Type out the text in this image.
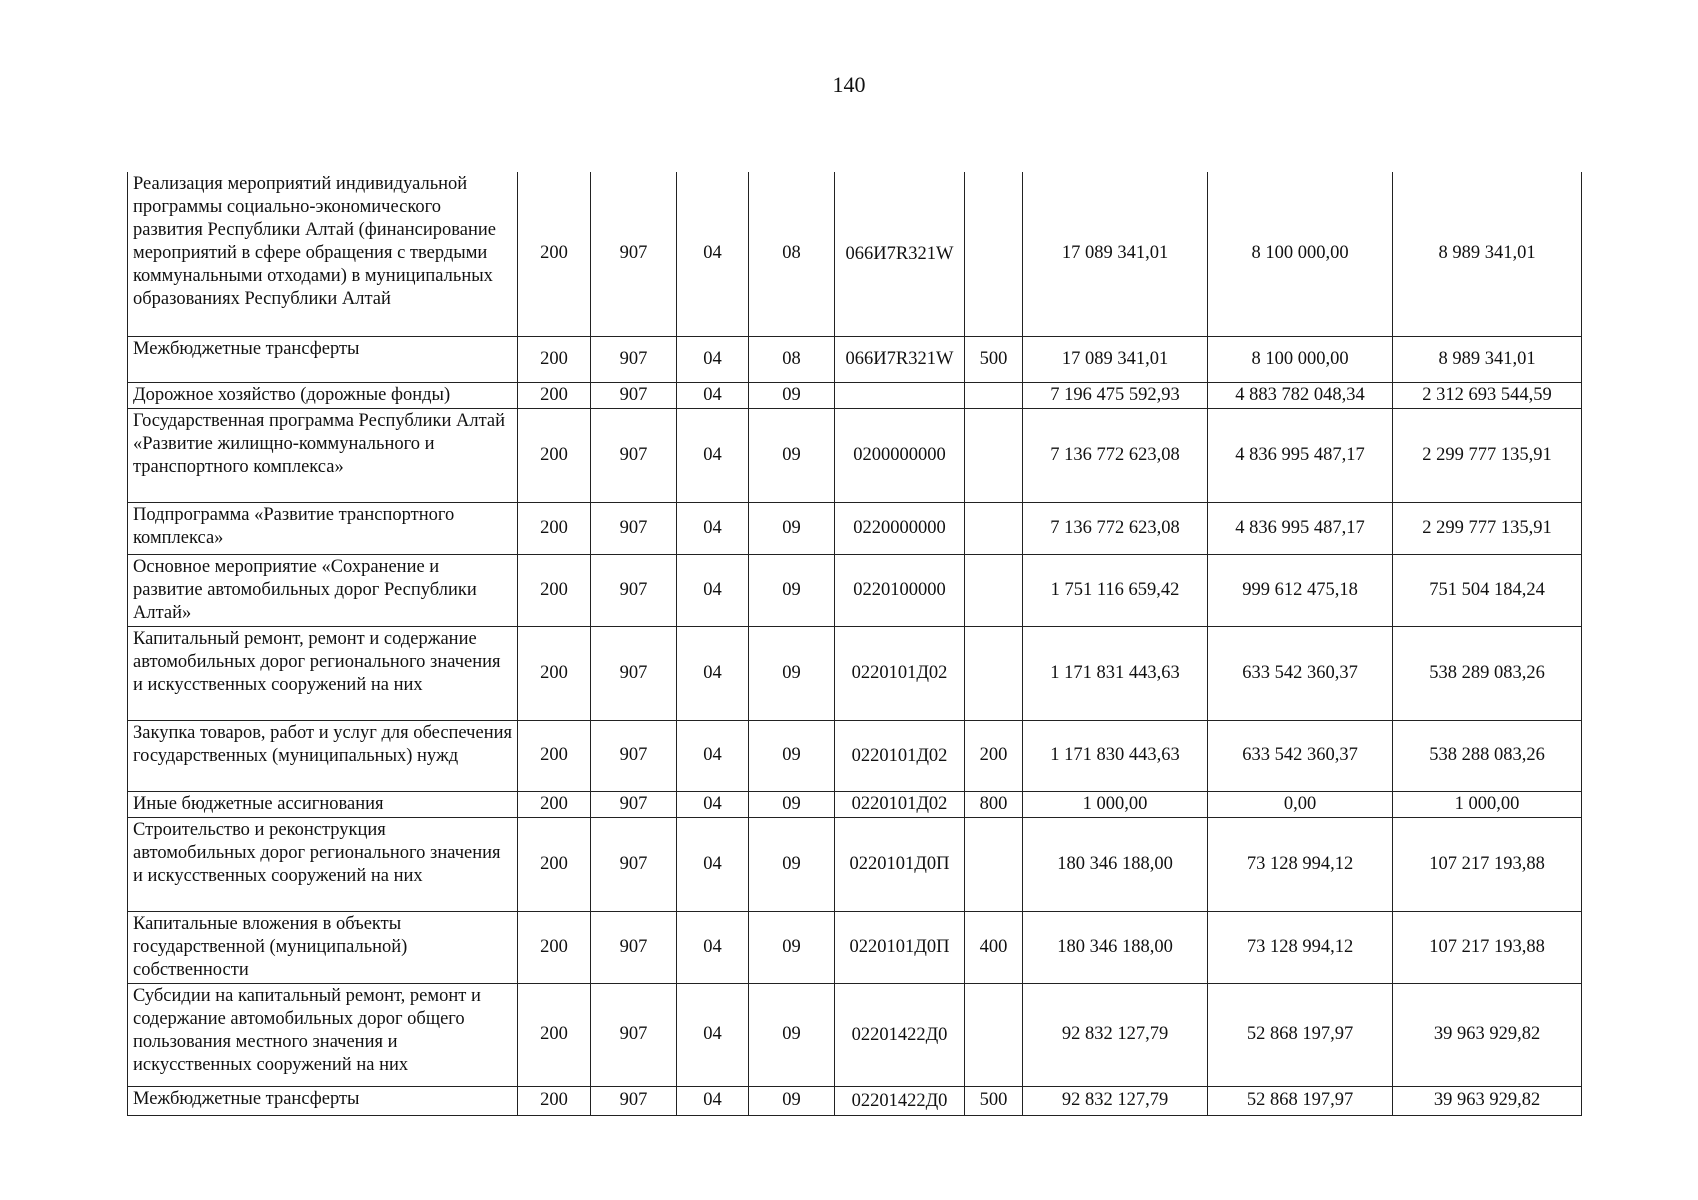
140
Реализация мероприятий индивидуальной программы социально-экономического развития Республики Алтай (финансирование мероприятий в сфере обращения с твердыми коммунальными отходами) в муниципальных образованиях Республики Алтай	200	907	04	08	066И7R321W		17 089 341,01	8 100 000,00	8 989 341,01
Межбюджетные трансферты	200	907	04	08	066И7R321W	500	17 089 341,01	8 100 000,00	8 989 341,01
Дорожное хозяйство (дорожные фонды)	200	907	04	09			7 196 475 592,93	4 883 782 048,34	2 312 693 544,59
Государственная программа Республики Алтай «Развитие жилищно-коммунального и транспортного комплекса»	200	907	04	09	0200000000		7 136 772 623,08	4 836 995 487,17	2 299 777 135,91
Подпрограмма «Развитие транспортного комплекса»	200	907	04	09	0220000000		7 136 772 623,08	4 836 995 487,17	2 299 777 135,91
Основное мероприятие «Сохранение и развитие автомобильных дорог Республики Алтай»	200	907	04	09	0220100000		1 751 116 659,42	999 612 475,18	751 504 184,24
Капитальный ремонт, ремонт и содержание автомобильных дорог регионального значения и искусственных сооружений на них	200	907	04	09	0220101Д02		1 171 831 443,63	633 542 360,37	538 289 083,26
Закупка товаров, работ и услуг для обеспечения государственных (муниципальных) нужд	200	907	04	09	0220101Д02	200	1 171 830 443,63	633 542 360,37	538 288 083,26
Иные бюджетные ассигнования	200	907	04	09	0220101Д02	800	1 000,00	0,00	1 000,00
Строительство и реконструкция автомобильных дорог регионального значения и искусственных сооружений на них	200	907	04	09	0220101Д0П		180 346 188,00	73 128 994,12	107 217 193,88
Капитальные вложения в объекты государственной (муниципальной) собственности	200	907	04	09	0220101Д0П	400	180 346 188,00	73 128 994,12	107 217 193,88
Субсидии на капитальный ремонт, ремонт и содержание автомобильных дорог общего пользования местного значения и искусственных сооружений на них	200	907	04	09	02201422Д0		92 832 127,79	52 868 197,97	39 963 929,82
Межбюджетные трансферты	200	907	04	09	02201422Д0	500	92 832 127,79	52 868 197,97	39 963 929,82
